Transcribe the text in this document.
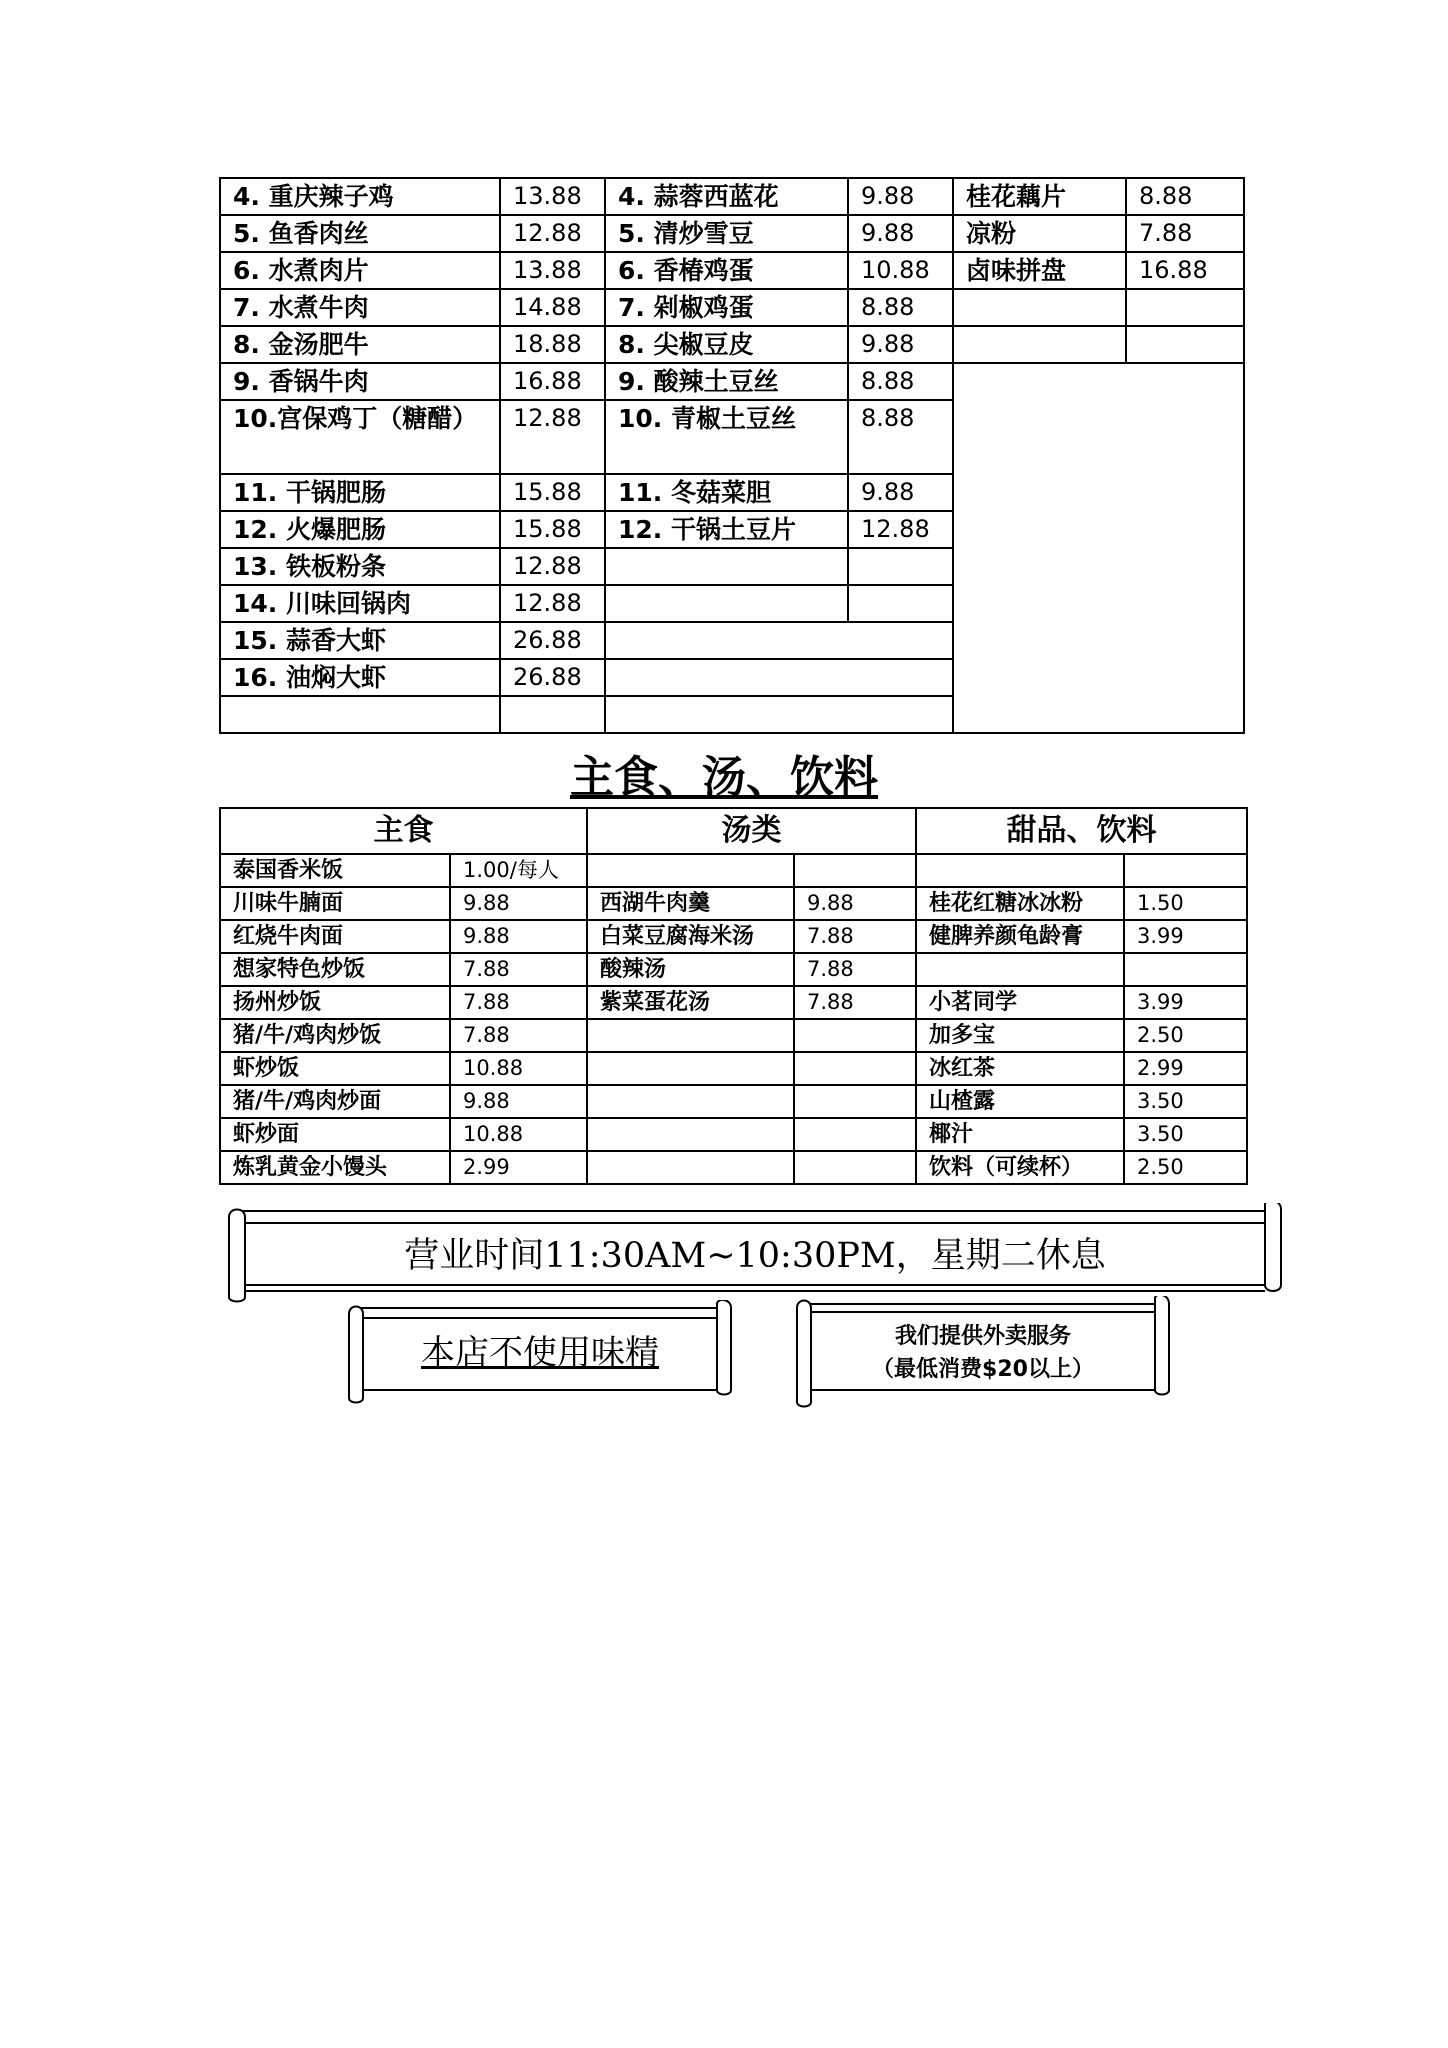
4. 重庆辣子鸡	13.88	4. 蒜蓉西蓝花	9.88	桂花藕片	8.88
5. 鱼香肉丝	12.88	5. 清炒雪豆	9.88	凉粉	7.88
6. 水煮肉片	13.88	6. 香椿鸡蛋	10.88	卤味拼盘	16.88
7. 水煮牛肉	14.88	7. 剁椒鸡蛋	8.88		
8. 金汤肥牛	18.88	8. 尖椒豆皮	9.88		
9. 香锅牛肉	16.88	9. 酸辣土豆丝	8.88		
10.宫保鸡丁（糖醋）	12.88	10. 青椒土豆丝	8.88		
11. 干锅肥肠	15.88	11. 冬菇菜胆	9.88		
12. 火爆肥肠	15.88	12. 干锅土豆片	12.88		
13. 铁板粉条	12.88				
14. 川味回锅肉	12.88				
15. 蒜香大虾	26.88				
16. 油焖大虾	26.88				

主食、汤、饮料
主食		汤类		甜品、饮料	
泰国香米饭	1.00/每人				
川味牛腩面	9.88	西湖牛肉羹	9.88	桂花红糖冰冰粉	1.50
红烧牛肉面	9.88	白菜豆腐海米汤	7.88	健脾养颜龟龄膏	3.99
想家特色炒饭	7.88	酸辣汤	7.88		
扬州炒饭	7.88	紫菜蛋花汤	7.88	小茗同学	3.99
猪/牛/鸡肉炒饭	7.88			加多宝	2.50
虾炒饭	10.88			冰红茶	2.99
猪/牛/鸡肉炒面	9.88			山楂露	3.50
虾炒面	10.88			椰汁	3.50
炼乳黄金小馒头	2.99			饮料（可续杯）	2.50
营业时间11:30AM~10:30PM，星期二休息
本店不使用味精	我们提供外卖服务
（最低消费$20以上）
